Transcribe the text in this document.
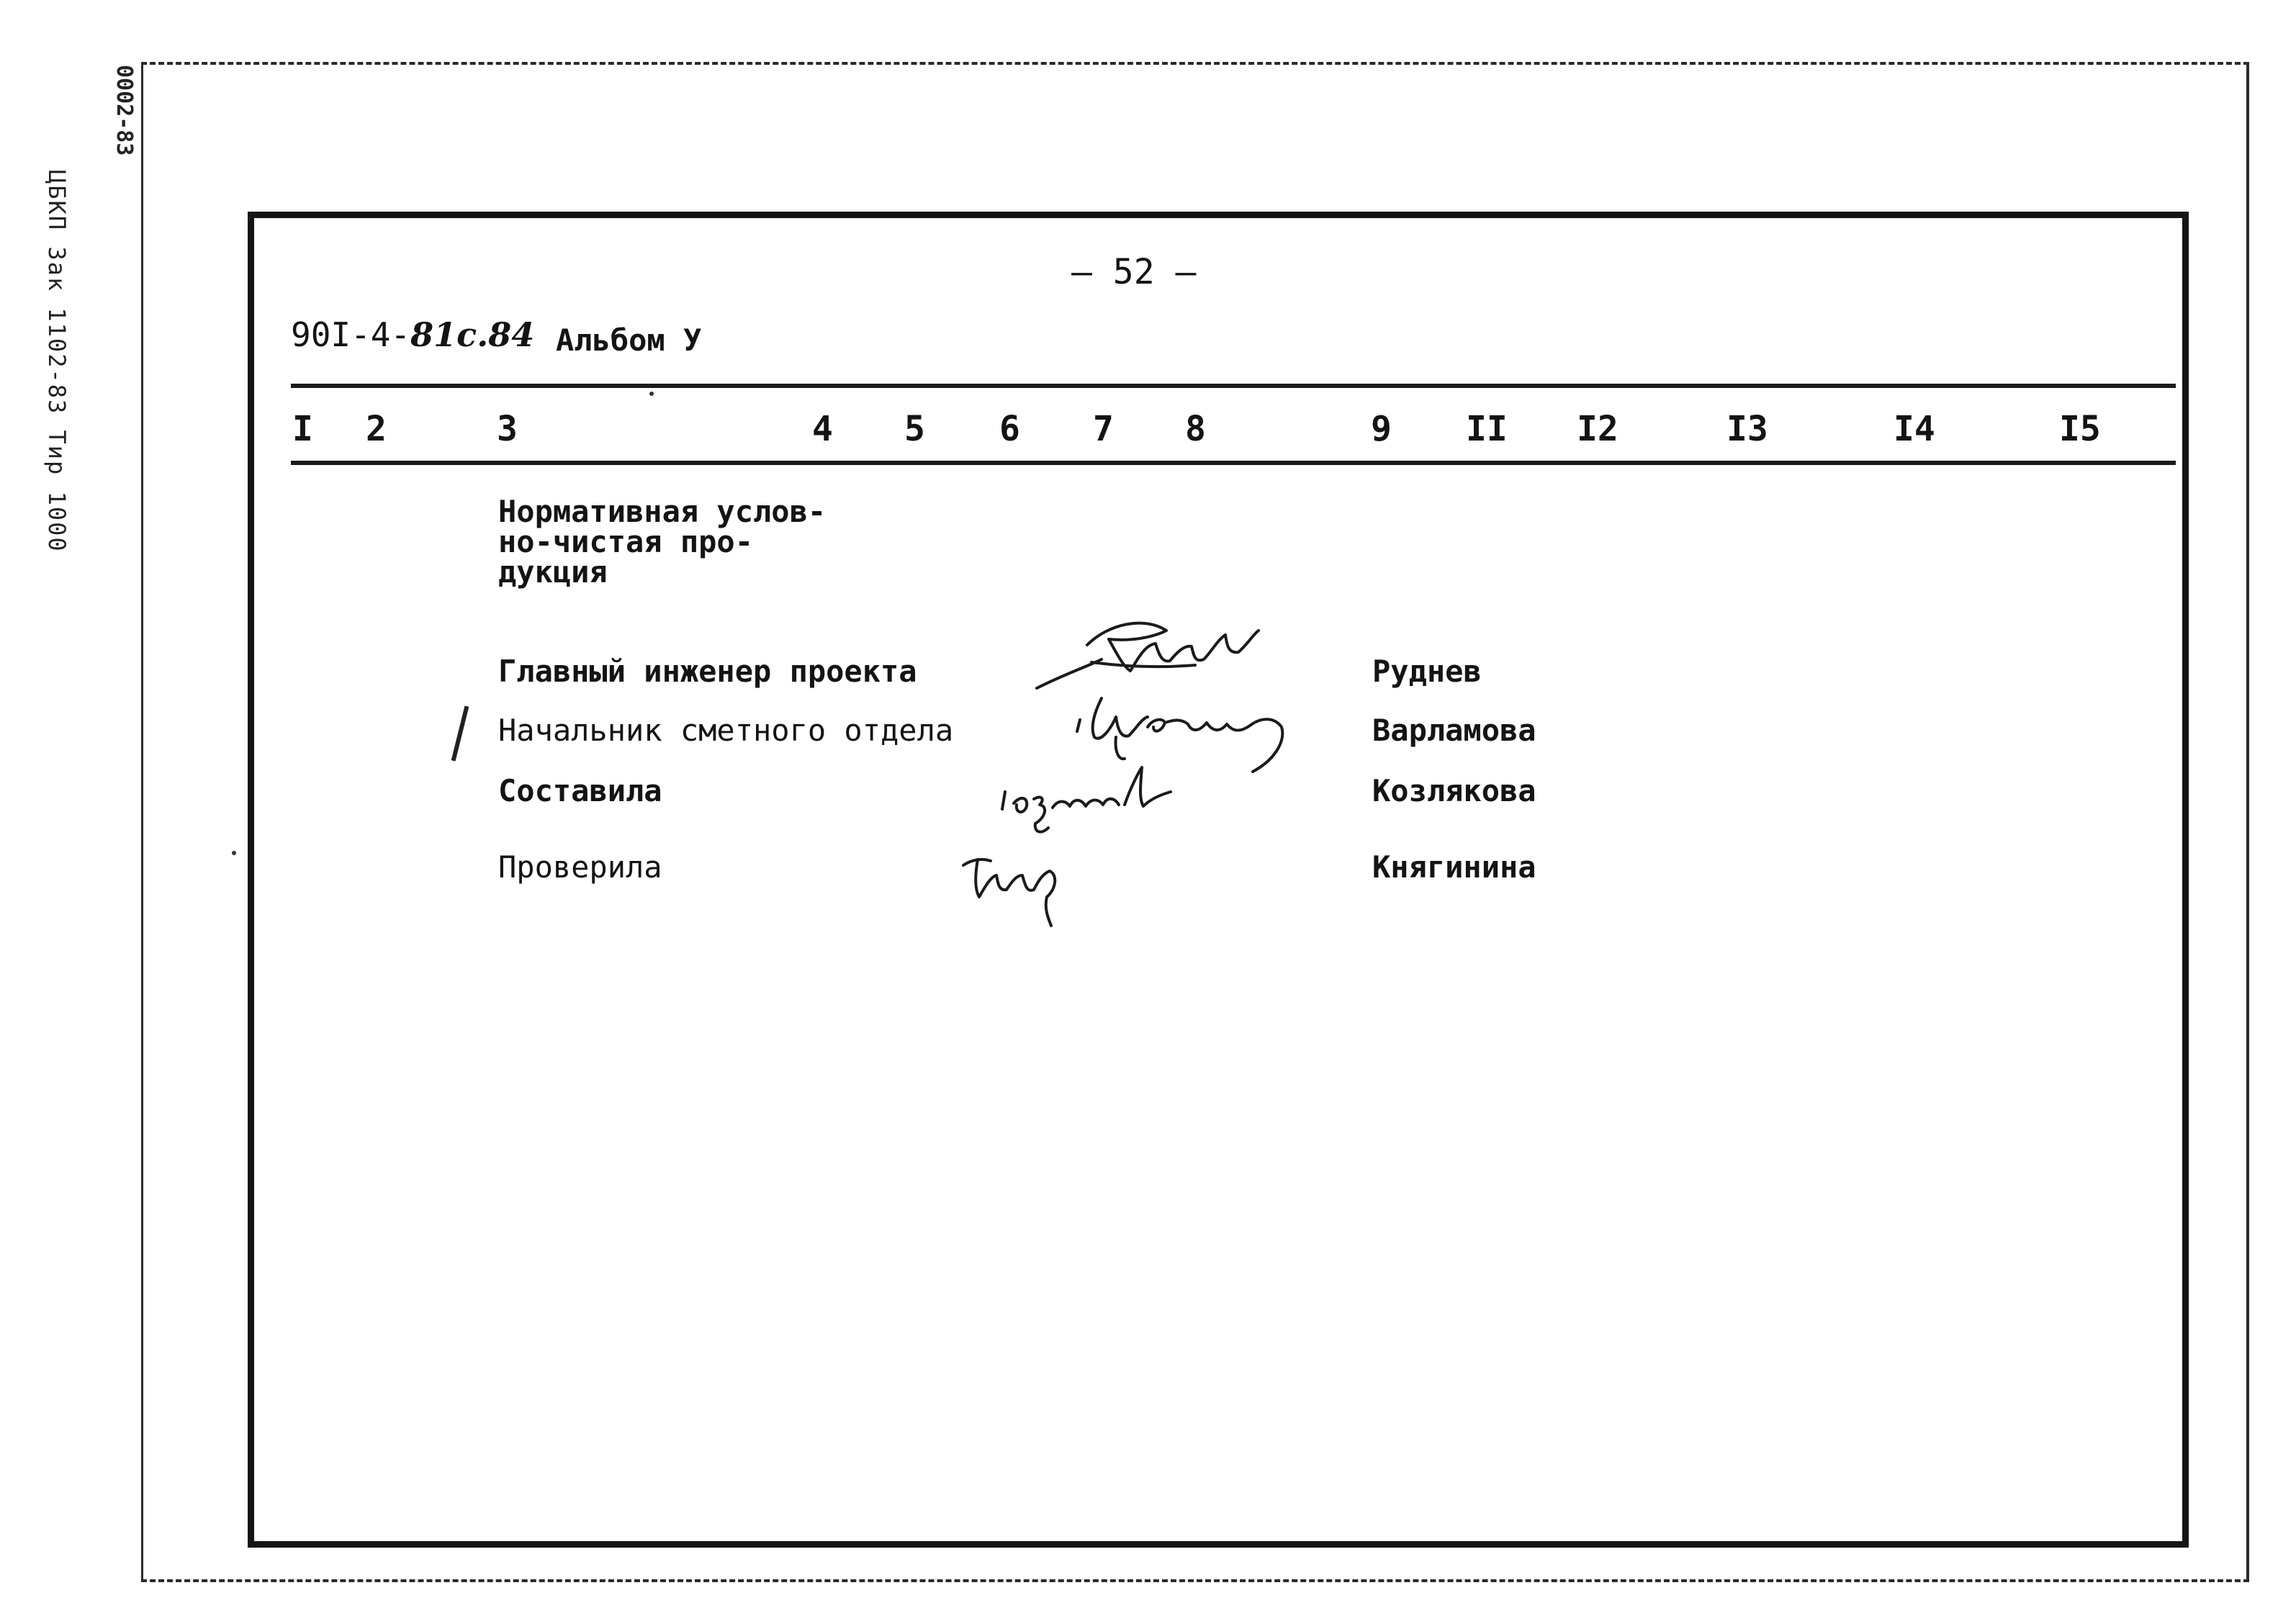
0002-83
ЦБКП Зак 1102-83 Тир 1000	– 52 –
90I-4-81c.84 Альбом У
I 2	3	4 5 6 7 8	9 II I2	I3	I4	I5
Нормативная услов-
но-чистая про-
дукция
Главный инженер проекта	Руднев
Начальник сметного отдела	Варламова
Составила	Козлякова
Проверила	Княгинина
